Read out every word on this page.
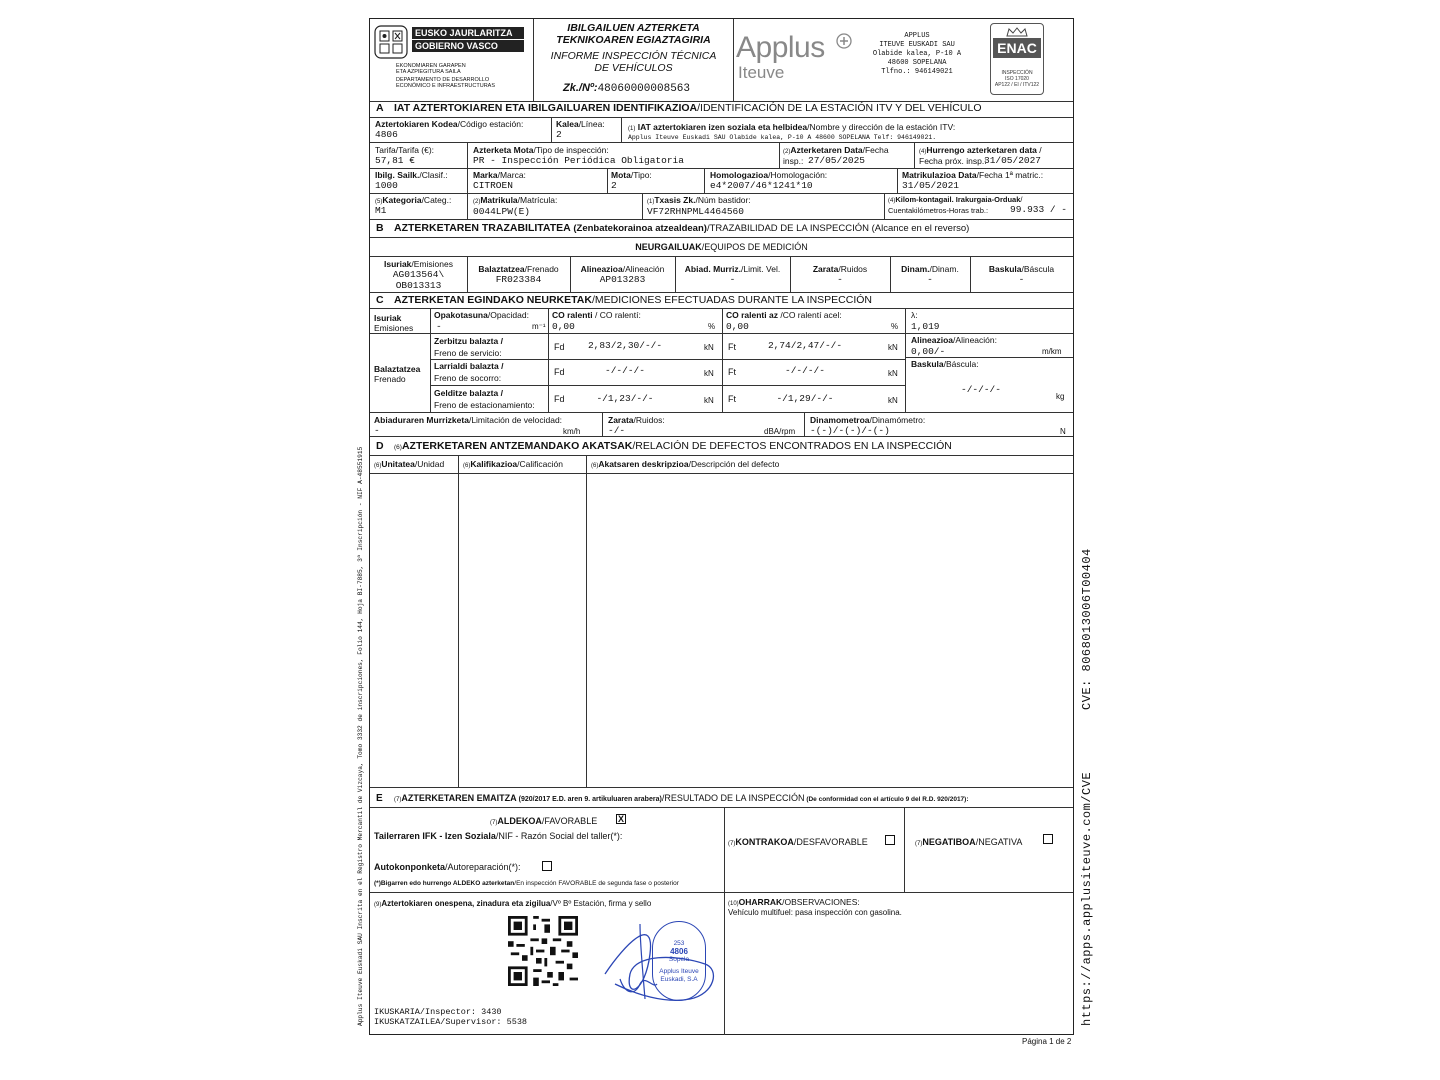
Applus Iteuve Euskadi SAU Inscrita en el Registro Mercantil de Vizcaya, Tomo 3332 de inscripciones, Folio 144, Hoja BI-7885, 3ª Inscripción - NIF A-48551915	CVE: 8068013006T00404
https://apps.applusiteuve.com/CVE
EUSKO JAURLARITZA
GOBIERNO VASCO
EKONOMIAREN GARAPEN
ETA AZPIEGITURA SAILA
DEPARTAMENTO DE DESARROLLO
ECONÓMICO E INFRAESTRUCTURAS
IBILGAILUEN AZTERKETA
TEKNIKOAREN EGIAZTAGIRIA
INFORME INSPECCIÓN TÉCNICA
DE VEHÍCULOS
Zk./Nº:48060000008563
Applus
Iteuve
APPLUS
ITEUVE EUSKADI SAU
Olabide kalea, P-10 A
48600 SOPELANA
Tlfno.: 946149021
ENAC
INSPECCIÓN
ISO 17020
AP122 / EI / ITV122
A IAT AZTERTOKIAREN ETA IBILGAILUAREN IDENTIFIKAZIOA/IDENTIFICACIÓN DE LA ESTACIÓN ITV Y DEL VEHÍCULO
Aztertokiaren Kodea/Código estación:
4806
Kalea/Línea:
2	(1) IAT aztertokiaren izen soziala eta helbidea/Nombre y dirección de la estación ITV:
Applus Iteuve Euskadi SAU Olabide kalea, P-10 A 48600 SOPELANA Telf: 946149021.
Tarifa/Tarifa (€):
57,81 €
Azterketa Mota/Tipo de inspección:
PR - Inspección Periódica Obligatoria
(2)Azterketaren Data/Fecha
insp.: 27/05/2025
(4)Hurrengo azterketaren data /
Fecha próx. insp.:
31/05/2027
Ibilg. Sailk./Clasif.:
1000
Marka/Marca:
CITROEN
Mota/Tipo:
2
Homologazioa/Homologación:
e4*2007/46*1241*10
Matrikulazioa Data/Fecha 1ª matric.:
31/05/2021
(5)Kategoria/Categ.:
M1
(2)Matrikula/Matrícula:
0044LPW(E)
(1)Txasis Zk./Núm bastidor:
VF72RHNPML4464560
(4)Kilom-kontagail. Irakurgaia-Orduak/
Cuentakilómetros-Horas trab.: 99.933 / -
B AZTERKETAREN TRAZABILITATEA (Zenbatekorainoa atzealdean)/TRAZABILIDAD DE LA INSPECCIÓN (Alcance en el reverso)
NEURGAILUAK/EQUIPOS DE MEDICIÓN
Isuriak/Emisiones
AG013564\
OB013313
Balaztatzea/Frenado
FR023384
Alineazioa/Alineación
AP013283
Abiad. Murriz./Limit. Vel.
-
Zarata/Ruidos
-
Dinam./Dinam.
-
Baskula/Báscula
-
C AZTERKETAN EGINDAKO NEURKETAK/MEDICIONES EFECTUADAS DURANTE LA INSPECCIÓN
Isuriak
Emisiones
Opakotasuna/Opacidad:
-	m⁻¹
CO ralenti / CO ralentí:
0,00	%
CO ralenti az /CO ralentí acel:
0,00	%
λ:
1,019
Balaztatzea
Frenado
Zerbitzu balazta /
Freno de servicio:
Fd	2,83/2,30/-/-	kN Ft	2,74/2,47/-/-	kN
Alineazioa/Alineación:
0,00/-	m/km
Baskula/Báscula:
-/-/-/-
kg
Larrialdi balazta /
Freno de socorro:
Fd	-/-/-/-	kN Ft	-/-/-/-	kN
Gelditze balazta /
Freno de estacionamiento:
Fd	-/1,23/-/-	kN Ft	-/1,29/-/-	kN
Abiaduraren Murrizketa/Limitación de velocidad:
-	km/h
Zarata/Ruidos:
-/-	dBA/rpm
Dinamometroa/Dinamómetro:
-(-)/-(-)/-(-)	N
D (6)AZTERKETAREN ANTZEMANDAKO AKATSAK/RELACIÓN DE DEFECTOS ENCONTRADOS EN LA INSPECCIÓN
(6)Unitatea/Unidad	(6)Kalifikazioa/Calificación	(6)Akatsaren deskripzioa/Descripción del defecto
E (7)AZTERKETAREN EMAITZA (920/2017 E.D. aren 9. artikuluaren arabera)/RESULTADO DE LA INSPECCIÓN (De conformidad con el artículo 9 del R.D. 920/2017):
(7)ALDEKOA/FAVORABLE X
Tailerraren IFK - Izen Soziala/NIF - Razón Social del taller(*):
Autokonponketa/Autoreparación(*):
(*)Bigarren edo hurrengo ALDEKO azterketan/En inspección FAVORABLE de segunda fase o posterior
(7)KONTRAKOA/DESFAVORABLE	(7)NEGATIBOA/NEGATIVA
(9)Aztertokiaren onespena, zinadura eta zigilua/Vº Bº Estación, firma y sello
253
4806
Sopela
Applus Iteuve
Euskadi, S.A
IKUSKARIA/Inspector: 3430
IKUSKATZAILEA/Supervisor: 5538
(10)OHARRAK/OBSERVACIONES:
Vehículo multifuel: pasa inspección con gasolina.
Página 1 de 2
